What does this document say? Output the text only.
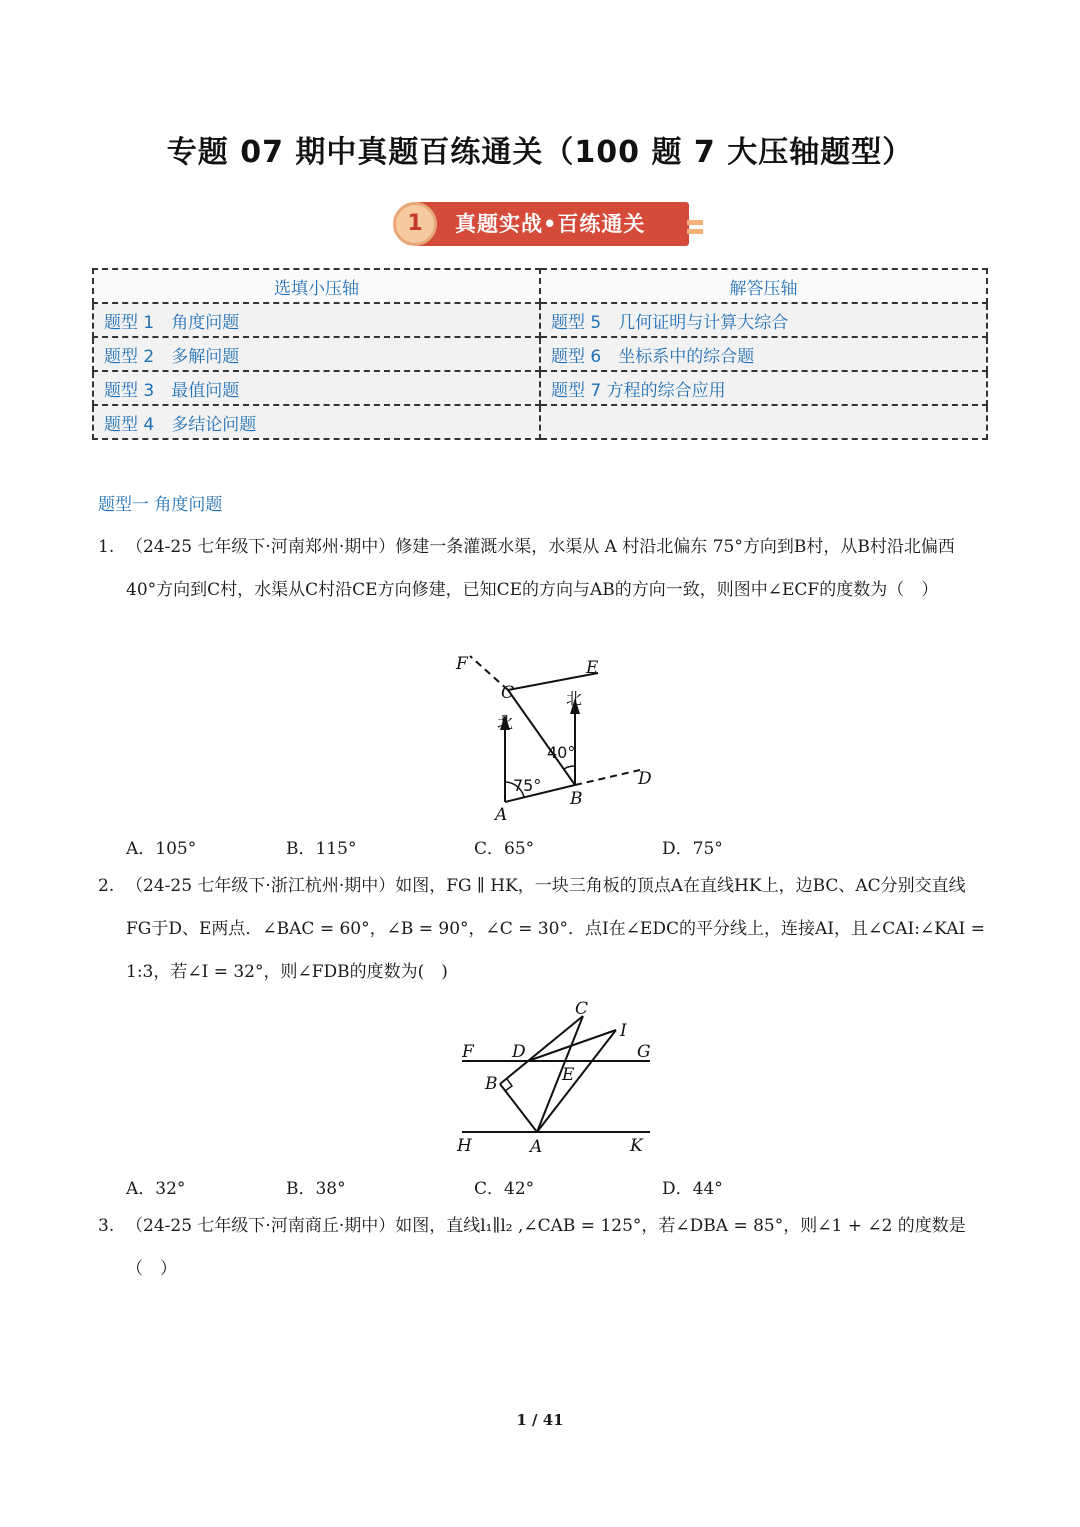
专题 07 期中真题百练通关（100 题 7 大压轴题型）
1	真题实战•百练通关
选填小压轴	解答压轴
题型 1　角度问题	题型 5　几何证明与计算大综合
题型 2　多解问题	题型 6　坐标系中的综合题
题型 3　最值问题	题型 7 方程的综合应用
题型 4　多结论问题	
题型一 角度问题
1. （24-25 七年级下·河南郑州·期中）修建一条灌溉水渠，水渠从 A 村沿北偏东 75°方向到B村，从B村沿北偏西 40°方向到C村，水渠从C村沿CE方向修建，已知CE的方向与AB的方向一致，则图中∠ECF的度数为（　）
F	E
C
北
北
40°
75°	D
B
A
A．105°	B．115°	C．65°	D．75°
2. （24-25 七年级下·浙江杭州·期中）如图，FG ∥ HK，一块三角板的顶点A在直线HK上，边BC、AC分别交直线FG于D、E两点．∠BAC = 60°，∠B = 90°，∠C = 30°．点I在∠EDC的平分线上，连接AI，且∠CAI:∠KAI = 1:3，若∠I = 32°，则∠FDB的度数为(　)
C
I
F D	G
B	E
H	A	K
A．32°	B．38°	C．42°	D．44°
3. （24-25 七年级下·河南商丘·期中）如图，直线l₁∥l₂ ,∠CAB = 125°，若∠DBA = 85°，则∠1 + ∠2 的度数是（　）
1 / 41
